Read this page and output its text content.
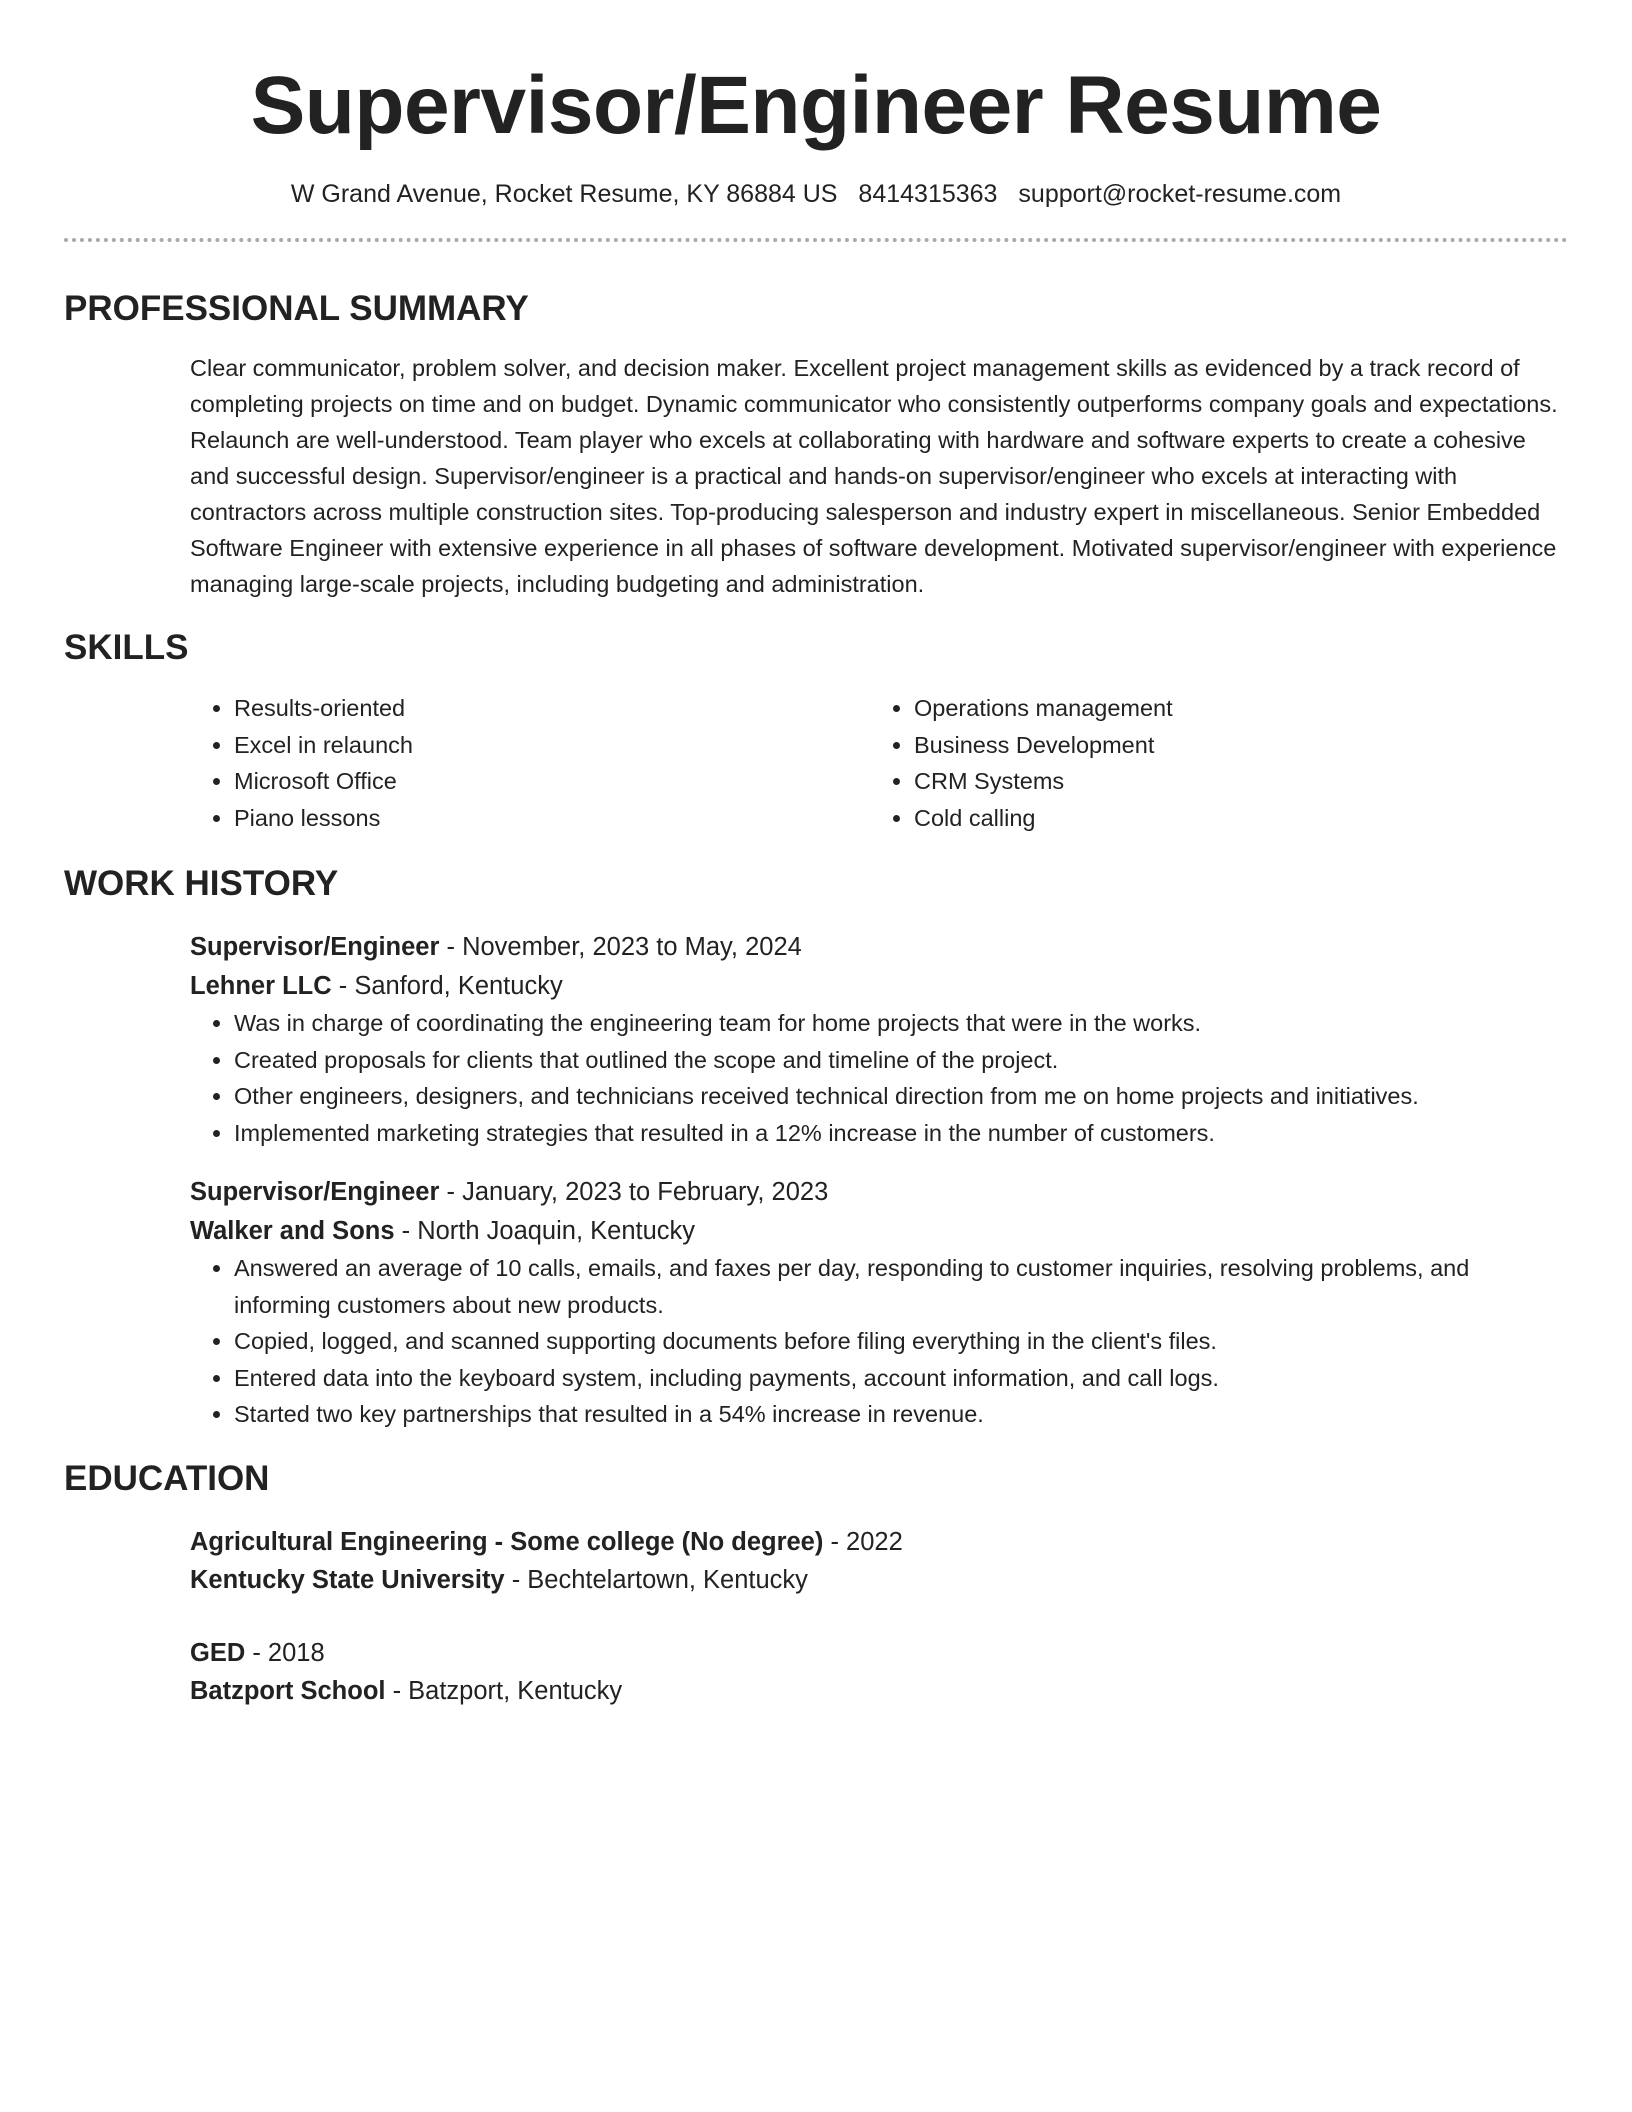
Supervisor/Engineer Resume
W Grand Avenue, Rocket Resume, KY 86884 US 8414315363 support@rocket-resume.com
PROFESSIONAL SUMMARY

Clear communicator, problem solver, and decision maker. Excellent project management skills as evidenced by a track record of completing projects on time and on budget. Dynamic communicator who consistently outperforms company goals and expectations. Relaunch are well-understood. Team player who excels at collaborating with hardware and software experts to create a cohesive and successful design. Supervisor/engineer is a practical and hands-on supervisor/engineer who excels at interacting with contractors across multiple construction sites. Top-producing salesperson and industry expert in miscellaneous. Senior Embedded Software Engineer with extensive experience in all phases of software development. Motivated supervisor/engineer with experience managing large-scale projects, including budgeting and administration.

SKILLS
• Results-oriented
• Excel in relaunch
• Microsoft Office
• Piano lessons
• Operations management
• Business Development
• CRM Systems
• Cold calling
WORK HISTORY
Supervisor/Engineer - November, 2023 to May, 2024
Lehner LLC - Sanford, Kentucky
• Was in charge of coordinating the engineering team for home projects that were in the works.
• Created proposals for clients that outlined the scope and timeline of the project.
• Other engineers, designers, and technicians received technical direction from me on home projects and initiatives.
• Implemented marketing strategies that resulted in a 12% increase in the number of customers.
Supervisor/Engineer - January, 2023 to February, 2023
Walker and Sons - North Joaquin, Kentucky
• Answered an average of 10 calls, emails, and faxes per day, responding to customer inquiries, resolving problems, and informing customers about new products.
• Copied, logged, and scanned supporting documents before filing everything in the client's files.
• Entered data into the keyboard system, including payments, account information, and call logs.
• Started two key partnerships that resulted in a 54% increase in revenue.
EDUCATION
Agricultural Engineering - Some college (No degree) - 2022
Kentucky State University - Bechtelartown, Kentucky
GED - 2018
Batzport School - Batzport, Kentucky
